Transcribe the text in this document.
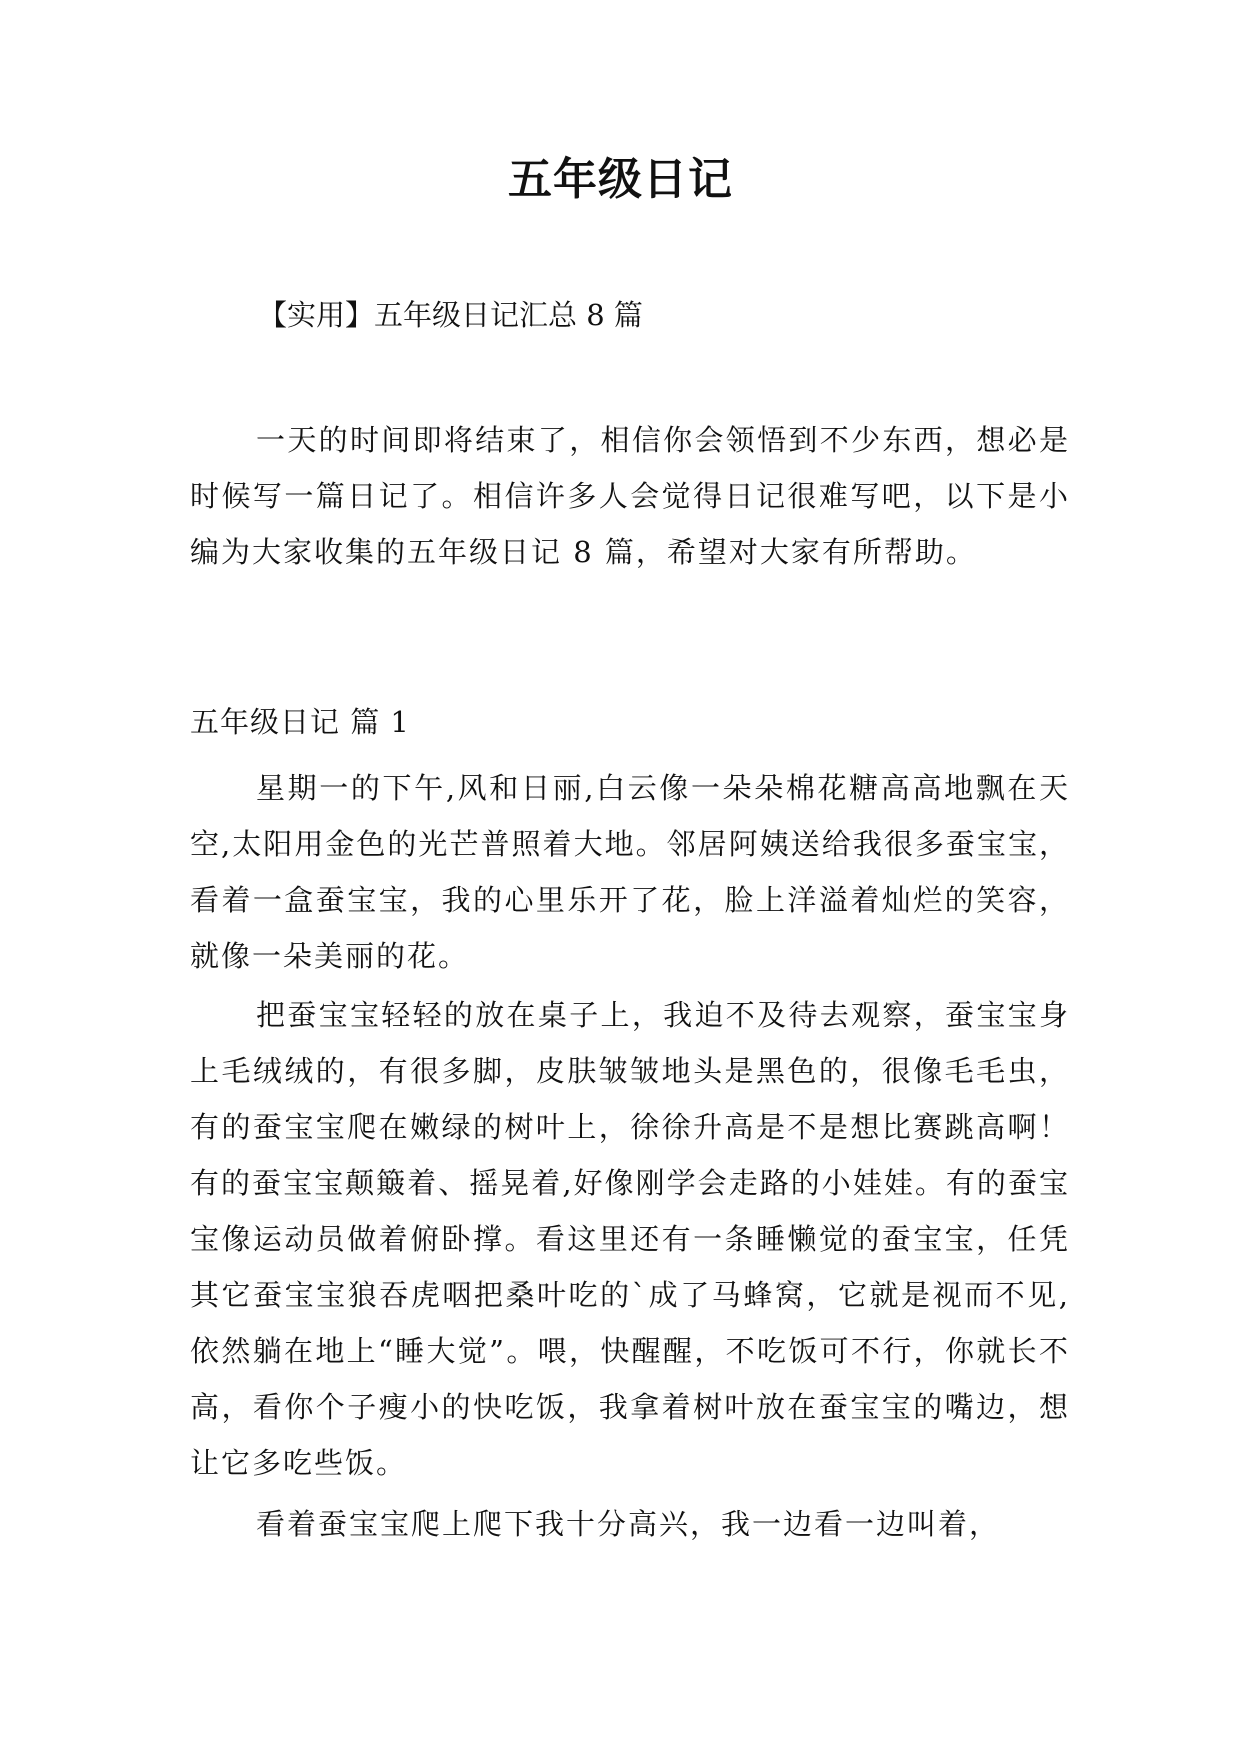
五年级日记

【实用】五年级日记汇总 8 篇

一天的时间即将结束了，相信你会领悟到不少东西，想必是时候写一篇日记了。相信许多人会觉得日记很难写吧，以下是小编为大家收集的五年级日记 8 篇，希望对大家有所帮助。

五年级日记 篇 1

星期一的下午,风和日丽,白云像一朵朵棉花糖高高地飘在天空,太阳用金色的光芒普照着大地。邻居阿姨送给我很多蚕宝宝，看着一盒蚕宝宝，我的心里乐开了花，脸上洋溢着灿烂的笑容，就像一朵美丽的花。

把蚕宝宝轻轻的放在桌子上，我迫不及待去观察，蚕宝宝身上毛绒绒的，有很多脚，皮肤皱皱地头是黑色的，很像毛毛虫，有的蚕宝宝爬在嫩绿的树叶上，徐徐升高是不是想比赛跳高啊！有的蚕宝宝颠簸着、摇晃着,好像刚学会走路的小娃娃。有的蚕宝宝像运动员做着俯卧撑。看这里还有一条睡懒觉的蚕宝宝，任凭其它蚕宝宝狼吞虎咽把桑叶吃的`成了马蜂窝，它就是视而不见,依然躺在地上“睡大觉”。喂，快醒醒，不吃饭可不行，你就长不高，看你个子瘦小的快吃饭，我拿着树叶放在蚕宝宝的嘴边，想让它多吃些饭。

看着蚕宝宝爬上爬下我十分高兴，我一边看一边叫着，
